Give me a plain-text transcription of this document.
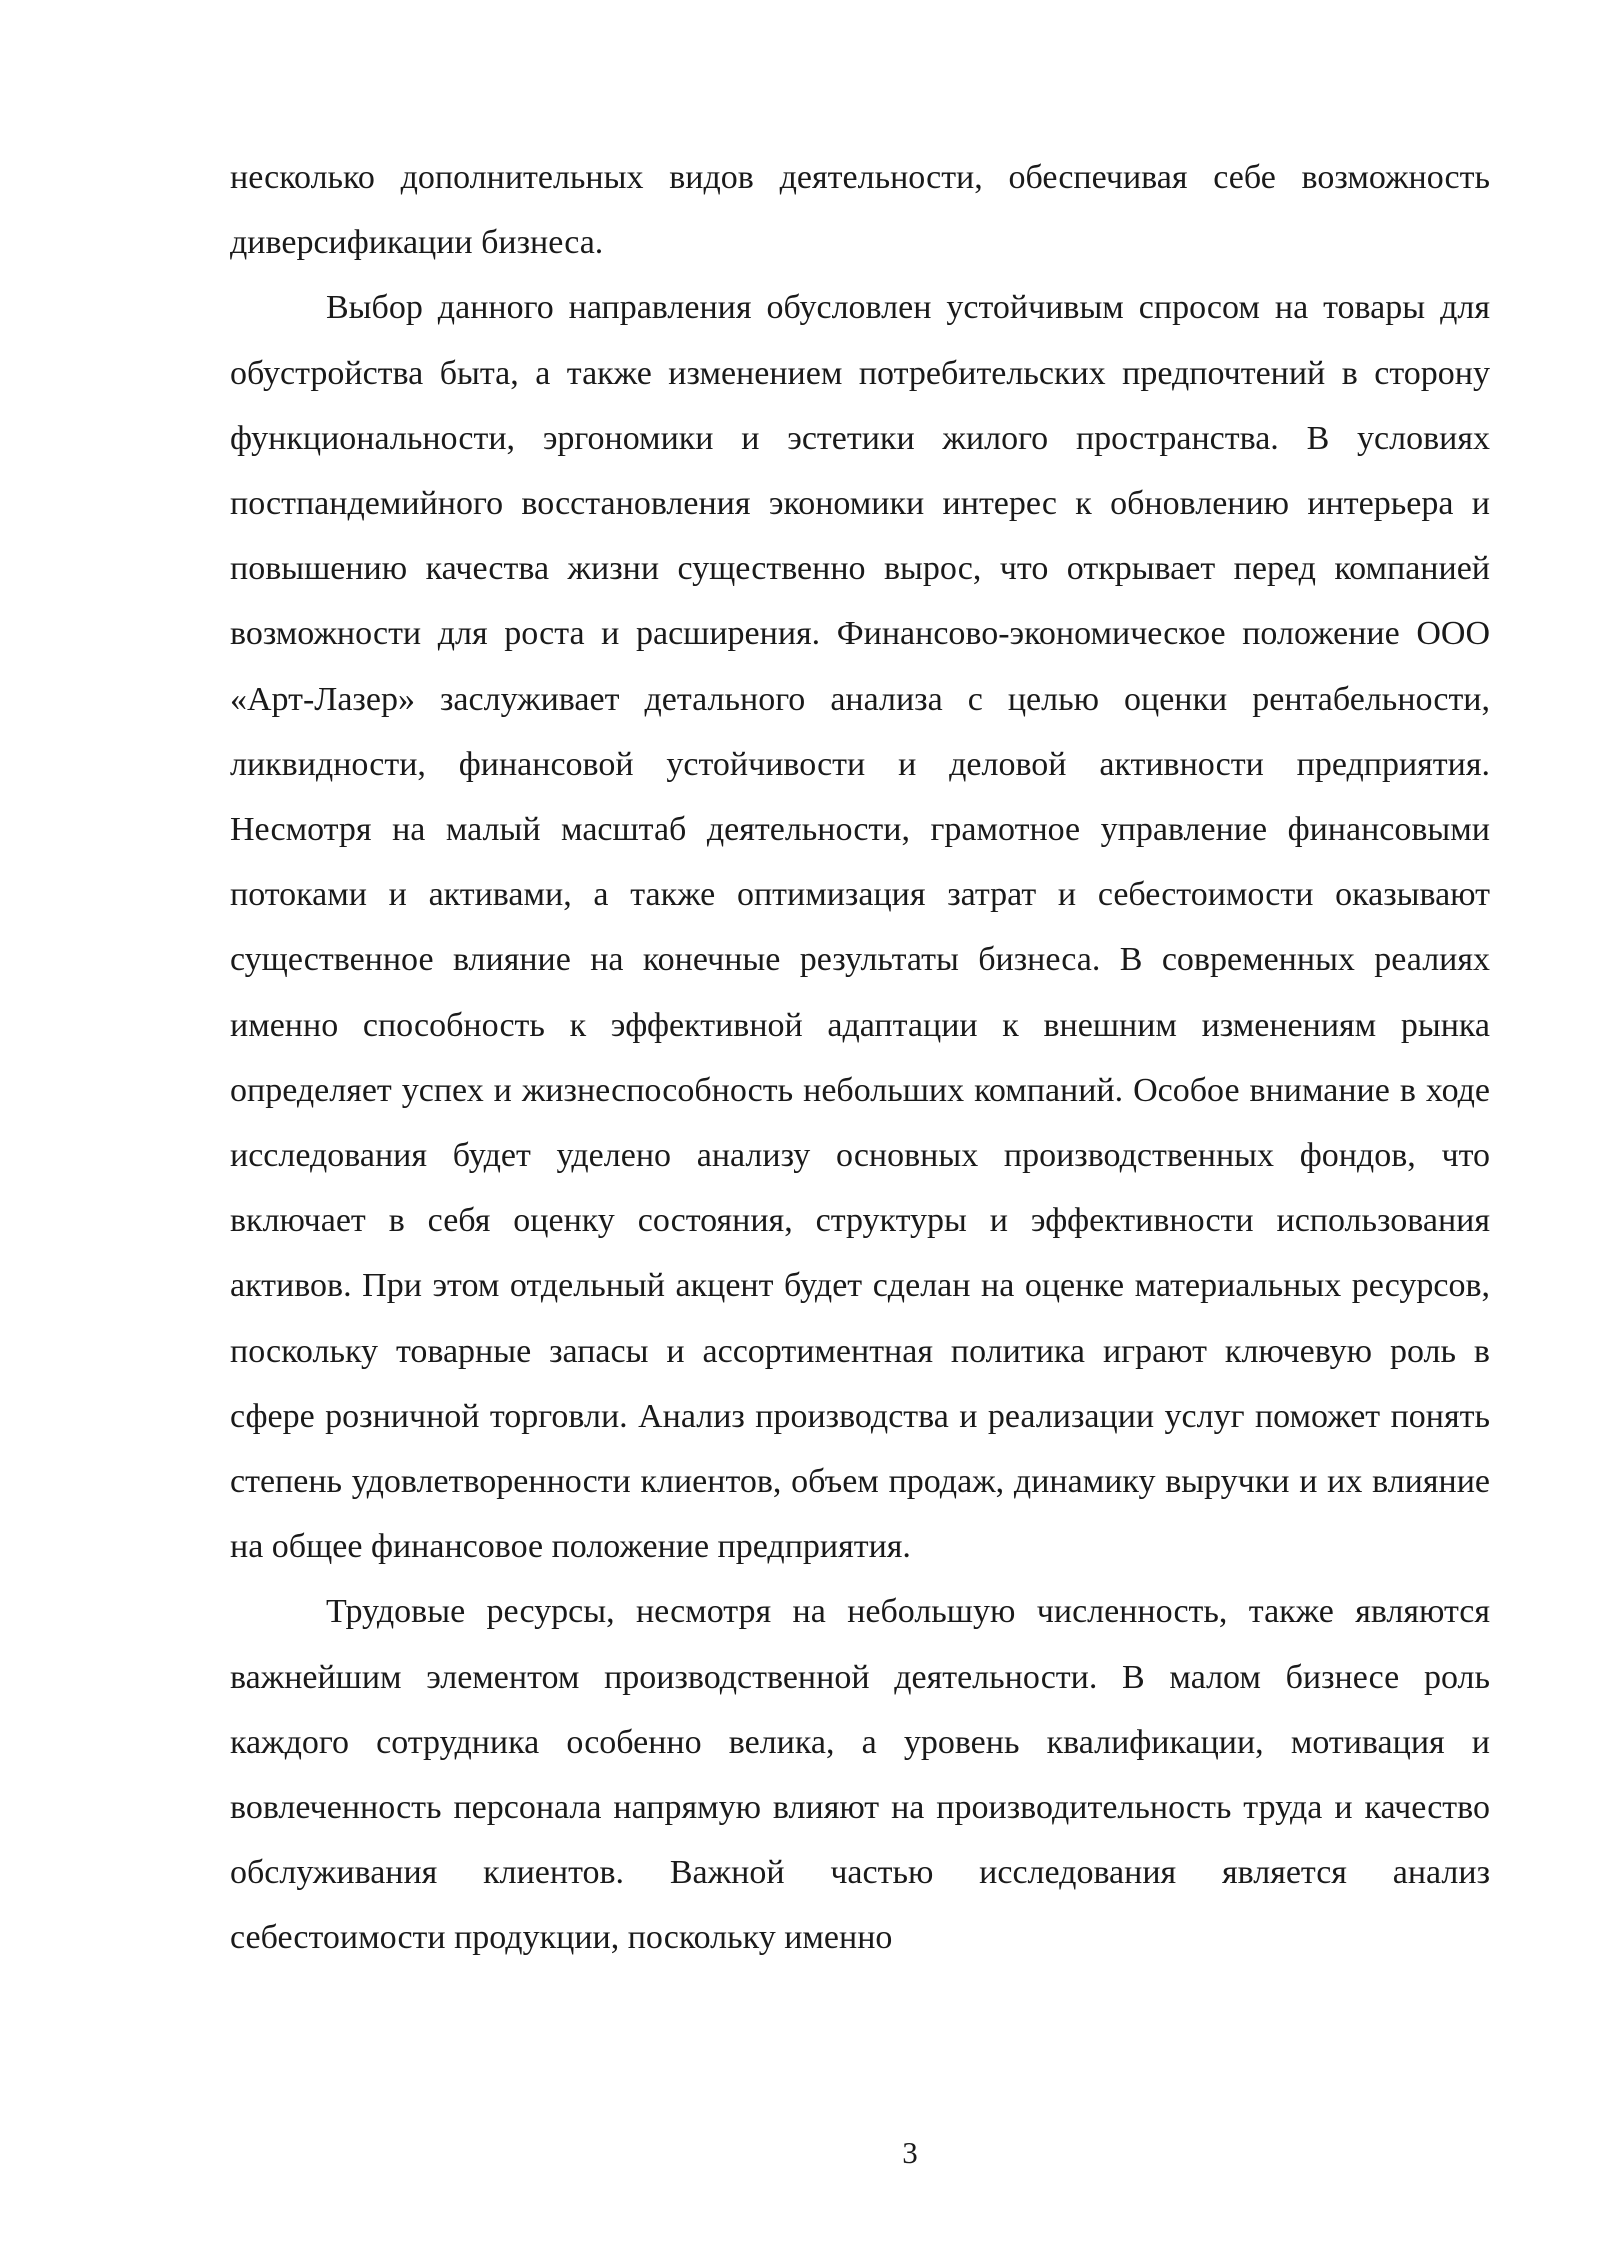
несколько дополнительных видов деятельности, обеспечивая себе возможность диверсификации бизнеса.

Выбор данного направления обусловлен устойчивым спросом на товары для обустройства быта, а также изменением потребительских предпочтений в сторону функциональности, эргономики и эстетики жилого пространства. В условиях постпандемийного восстановления экономики интерес к обновлению интерьера и повышению качества жизни существенно вырос, что открывает перед компанией возможности для роста и расширения. Финансово-экономическое положение ООО «Арт-Лазер» заслуживает детального анализа с целью оценки рентабельности, ликвидности, финансовой устойчивости и деловой активности предприятия. Несмотря на малый масштаб деятельности, грамотное управление финансовыми потоками и активами, а также оптимизация затрат и себестоимости оказывают существенное влияние на конечные результаты бизнеса. В современных реалиях именно способность к эффективной адаптации к внешним изменениям рынка определяет успех и жизнеспособность небольших компаний. Особое внимание в ходе исследования будет уделено анализу основных производственных фондов, что включает в себя оценку состояния, структуры и эффективности использования активов. При этом отдельный акцент будет сделан на оценке материальных ресурсов, поскольку товарные запасы и ассортиментная политика играют ключевую роль в сфере розничной торговли. Анализ производства и реализации услуг поможет понять степень удовлетворенности клиентов, объем продаж, динамику выручки и их влияние на общее финансовое положение предприятия.

Трудовые ресурсы, несмотря на небольшую численность, также являются важнейшим элементом производственной деятельности. В малом бизнесе роль каждого сотрудника особенно велика, а уровень квалификации, мотивация и вовлеченность персонала напрямую влияют на производительность труда и качество обслуживания клиентов. Важной частью исследования является анализ себестоимости продукции, поскольку именно

3
